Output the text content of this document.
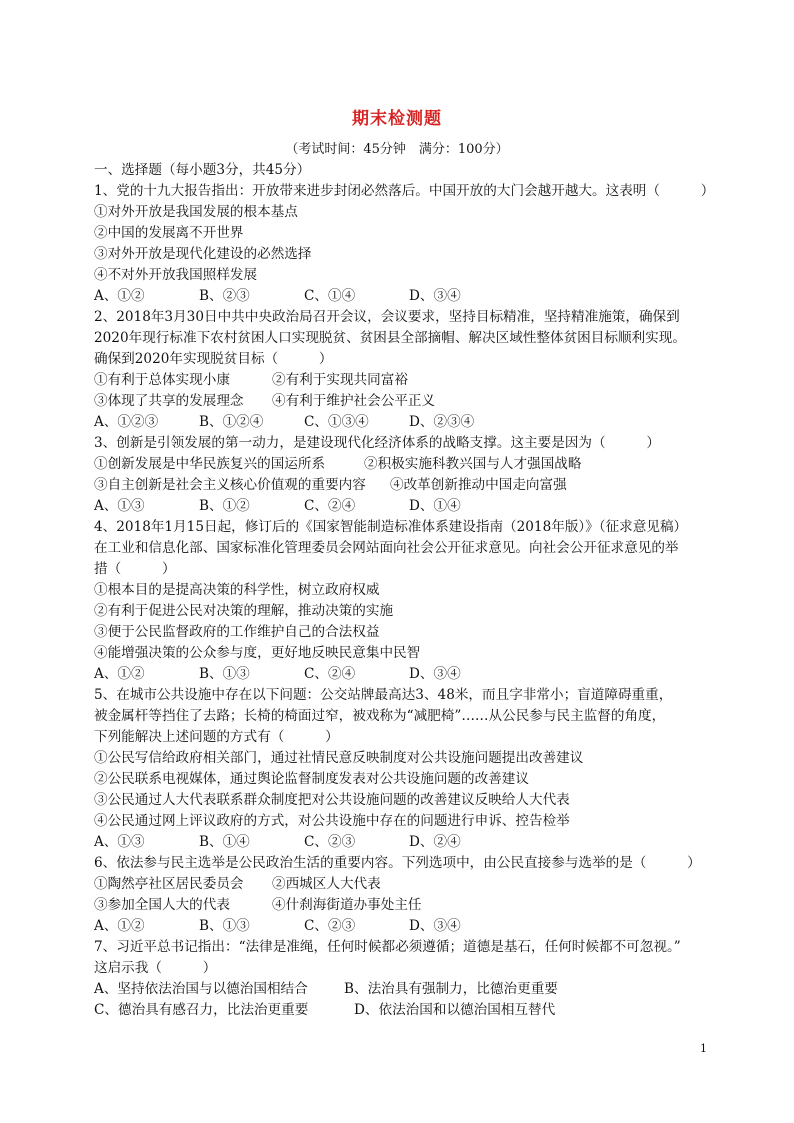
期末检测题
（考试时间：45分钟　满分：100分）
一、选择题（每小题3分，共45分）
1、党的十九大报告指出：开放带来进步封闭必然落后。中国开放的大门会越开越大。这表明（　　　）
①对外开放是我国发展的根本基点
②中国的发展离不开世界
③对外开放是现代化建设的必然选择
④不对外开放我国照样发展
A、①②	B、②③	C、①④	D、③④
2、2018年3月30日中共中央政治局召开会议，会议要求，坚持目标精准，坚持精准施策，确保到
2020年现行标准下农村贫困人口实现脱贫、贫困县全部摘帽、解决区域性整体贫困目标顺利实现。
确保到2020年实现脱贫目标（　　　）
①有利于总体实现小康	②有利于实现共同富裕
③体现了共享的发展理念 ④有利于维护社会公平正义
A、①②③	B、①②④	C、①③④	D、②③④
3、创新是引领发展的第一动力，是建设现代化经济体系的战略支撑。这主要是因为（　　　）
①创新发展是中华民族复兴的国运所系	②积极实施科教兴国与人才强国战略
③自主创新是社会主义核心价值观的重要内容 ④改革创新推动中国走向富强
A、①③	B、①②	C、②④	D、①④
4、2018年1月15日起，修订后的《国家智能制造标准体系建设指南（2018年版）》（征求意见稿）
在工业和信息化部、国家标准化管理委员会网站面向社会公开征求意见。向社会公开征求意见的举
措（　　　）
①根本目的是提高决策的科学性，树立政府权威
②有利于促进公民对决策的理解，推动决策的实施
③便于公民监督政府的工作维护自己的合法权益
④能增强决策的公众参与度，更好地反映民意集中民智
A、①②	B、①③	C、②④	D、③④
5、在城市公共设施中存在以下问题：公交站牌最高达3、48米，而且字非常小；盲道障碍重重，
被金属杆等挡住了去路；长椅的椅面过窄，被戏称为“减肥椅”……从公民参与民主监督的角度，
下列能解决上述问题的方式有（　　　）
①公民写信给政府相关部门，通过社情民意反映制度对公共设施问题提出改善建议
②公民联系电视媒体，通过舆论监督制度发表对公共设施问题的改善建议
③公民通过人大代表联系群众制度把对公共设施问题的改善建议反映给人大代表
④公民通过网上评议政府的方式，对公共设施中存在的问题进行申诉、控告检举
A、①③	B、①④	C、②③	D、②④
6、依法参与民主选举是公民政治生活的重要内容。下列选项中，由公民直接参与选举的是（　　　）
①陶然亭社区居民委员会 ②西城区人大代表
③参加全国人大的代表	④什刹海街道办事处主任
A、①②	B、①③	C、②③	D、③④
7、习近平总书记指出：“法律是准绳，任何时候都必须遵循；道德是基石，任何时候都不可忽视。”
这启示我（　　　）
A、坚持依法治国与以德治国相结合	B、法治具有强制力，比德治更重要
C、德治具有感召力，比法治更重要	D、依法治国和以德治国相互替代
1
